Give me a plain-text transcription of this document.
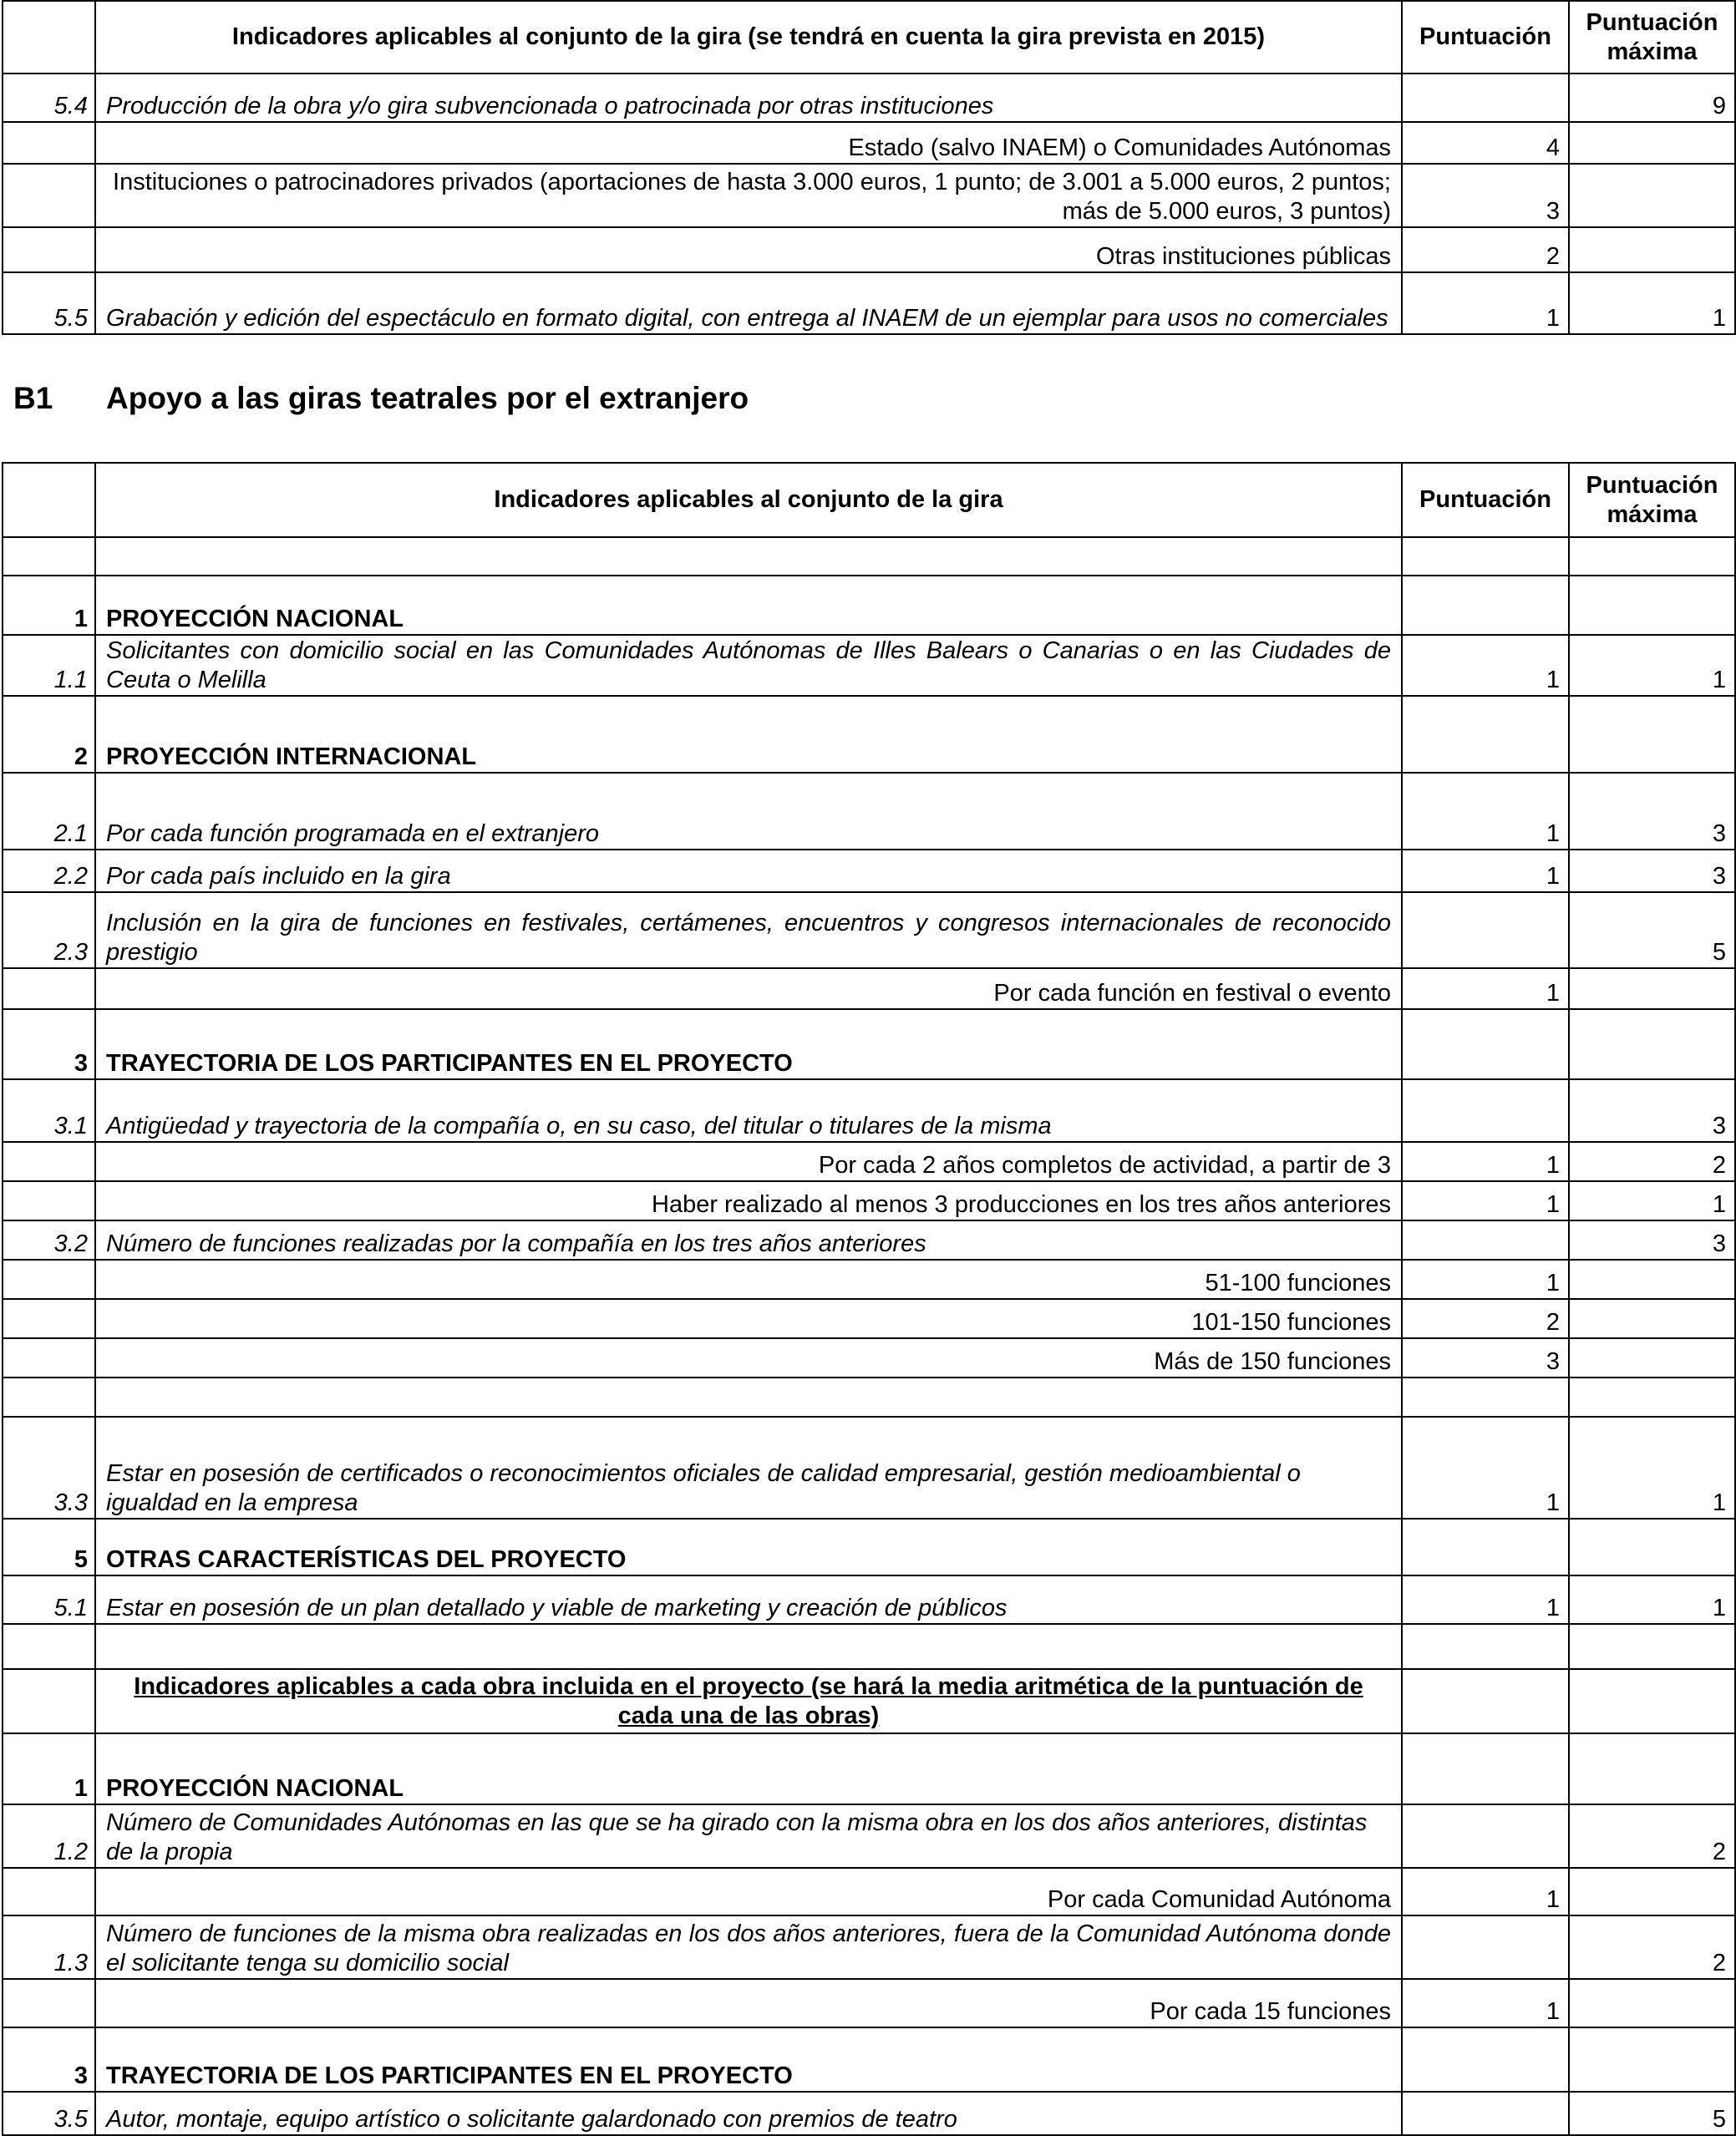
	Indicadores aplicables al conjunto de la gira (se tendrá en cuenta la gira prevista en 2015)	Puntuación	Puntuación máxima
5.4	Producción de la obra y/o gira subvencionada o patrocinada por otras instituciones		9
	Estado (salvo INAEM) o Comunidades Autónomas	4	
	Instituciones o patrocinadores privados (aportaciones de hasta 3.000 euros, 1 punto; de 3.001 a 5.000 euros, 2 puntos; más de 5.000 euros, 3 puntos)	3	
	Otras instituciones públicas	2	
5.5	Grabación y edición del espectáculo en formato digital, con entrega al INAEM de un ejemplar para usos no comerciales	1	1
B1 Apoyo a las giras teatrales por el extranjero
	Indicadores aplicables al conjunto de la gira	Puntuación	Puntuación máxima

1	PROYECCIÓN NACIONAL		
1.1	Solicitantes con domicilio social en las Comunidades Autónomas de Illes Balears o Canarias o en las Ciudades de Ceuta o Melilla	1	1
2	PROYECCIÓN INTERNACIONAL		
2.1	Por cada función programada en el extranjero	1	3
2.2	Por cada país incluido en la gira	1	3
2.3	Inclusión en la gira de funciones en festivales, certámenes, encuentros y congresos internacionales de reconocido prestigio		5
	Por cada función en festival o evento	1	
3	TRAYECTORIA DE LOS PARTICIPANTES EN EL PROYECTO		
3.1	Antigüedad y trayectoria de la compañía o, en su caso, del titular o titulares de la misma		3
	Por cada 2 años completos de actividad, a partir de 3	1	2
	Haber realizado al menos 3 producciones en los tres años anteriores	1	1
3.2	Número de funciones realizadas por la compañía en los tres años anteriores		3
	51-100 funciones	1	
	101-150 funciones	2	
	Más de 150 funciones	3	

3.3	Estar en posesión de certificados o reconocimientos oficiales de calidad empresarial, gestión medioambiental o igualdad en la empresa	1	1
5	OTRAS CARACTERÍSTICAS DEL PROYECTO		
5.1	Estar en posesión de un plan detallado y viable de marketing y creación de públicos	1	1

	Indicadores aplicables a cada obra incluida en el proyecto (se hará la media aritmética de la puntuación de cada una de las obras)		
1	PROYECCIÓN NACIONAL		
1.2	Número de Comunidades Autónomas en las que se ha girado con la misma obra en los dos años anteriores, distintas de la propia		2
	Por cada Comunidad Autónoma	1	
1.3	Número de funciones de la misma obra realizadas en los dos años anteriores, fuera de la Comunidad Autónoma donde el solicitante tenga su domicilio social		2
	Por cada 15 funciones	1	
3	TRAYECTORIA DE LOS PARTICIPANTES EN EL PROYECTO		
3.5	Autor, montaje, equipo artístico o solicitante galardonado con premios de teatro		5
